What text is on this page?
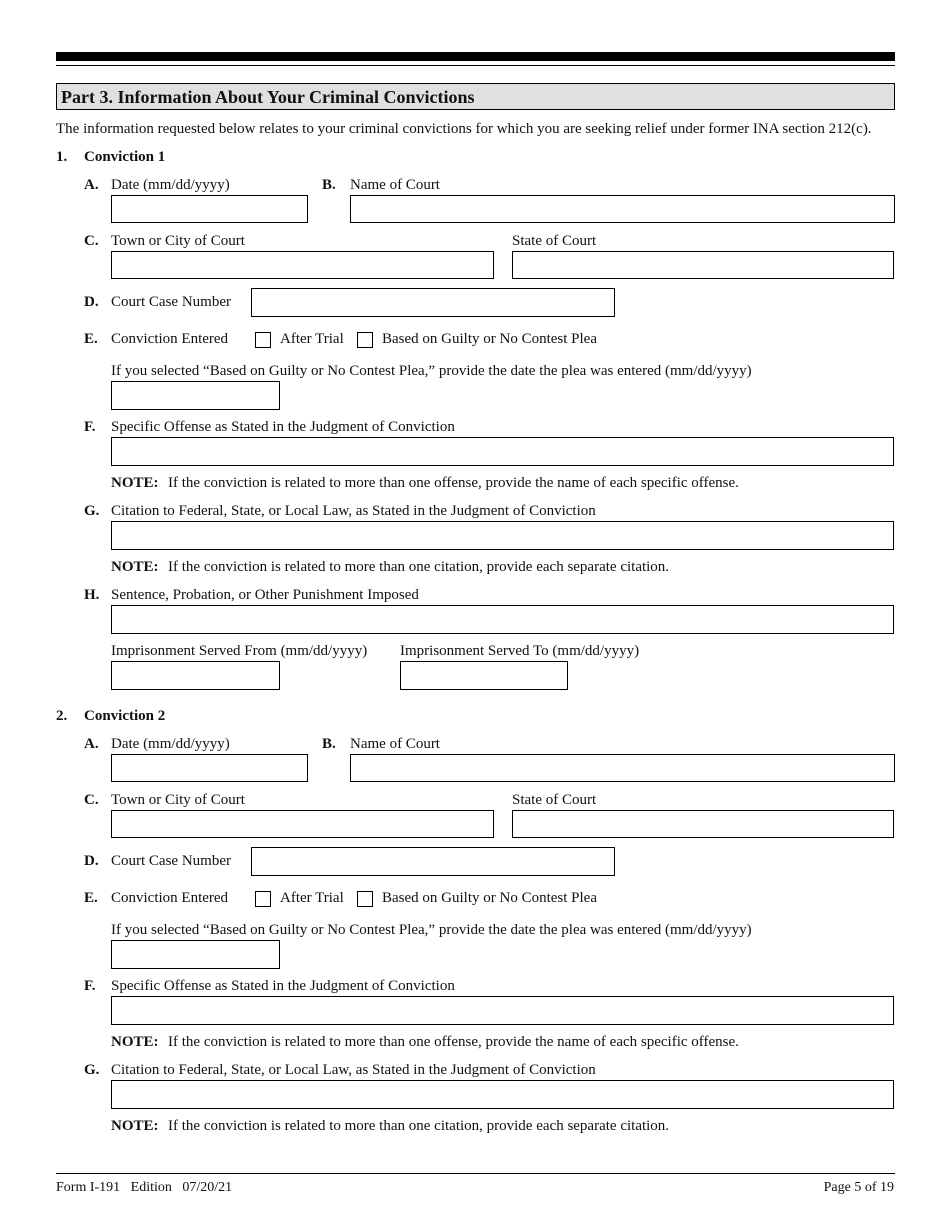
Part 3. Information About Your Criminal Convictions
The information requested below relates to your criminal convictions for which you are seeking relief under former INA section 212(c).
1. Conviction 1
A. Date (mm/dd/yyyy)	B. Name of Court
C. Town or City of Court	State of Court
D. Court Case Number
E. Conviction Entered	After Trial	Based on Guilty or No Contest Plea
If you selected “Based on Guilty or No Contest Plea,” provide the date the plea was entered (mm/dd/yyyy)
F. Specific Offense as Stated in the Judgment of Conviction
NOTE: If the conviction is related to more than one offense, provide the name of each specific offense.
G. Citation to Federal, State, or Local Law, as Stated in the Judgment of Conviction
NOTE: If the conviction is related to more than one citation, provide each separate citation.
H. Sentence, Probation, or Other Punishment Imposed
Imprisonment Served From (mm/dd/yyyy) Imprisonment Served To (mm/dd/yyyy)
2. Conviction 2
A. Date (mm/dd/yyyy)	B. Name of Court
C. Town or City of Court	State of Court
D. Court Case Number
E. Conviction Entered	After Trial	Based on Guilty or No Contest Plea
If you selected “Based on Guilty or No Contest Plea,” provide the date the plea was entered (mm/dd/yyyy)
F. Specific Offense as Stated in the Judgment of Conviction
NOTE: If the conviction is related to more than one offense, provide the name of each specific offense.
G. Citation to Federal, State, or Local Law, as Stated in the Judgment of Conviction
NOTE: If the conviction is related to more than one citation, provide each separate citation.
Form I-191   Edition   07/20/21	Page 5 of 19
